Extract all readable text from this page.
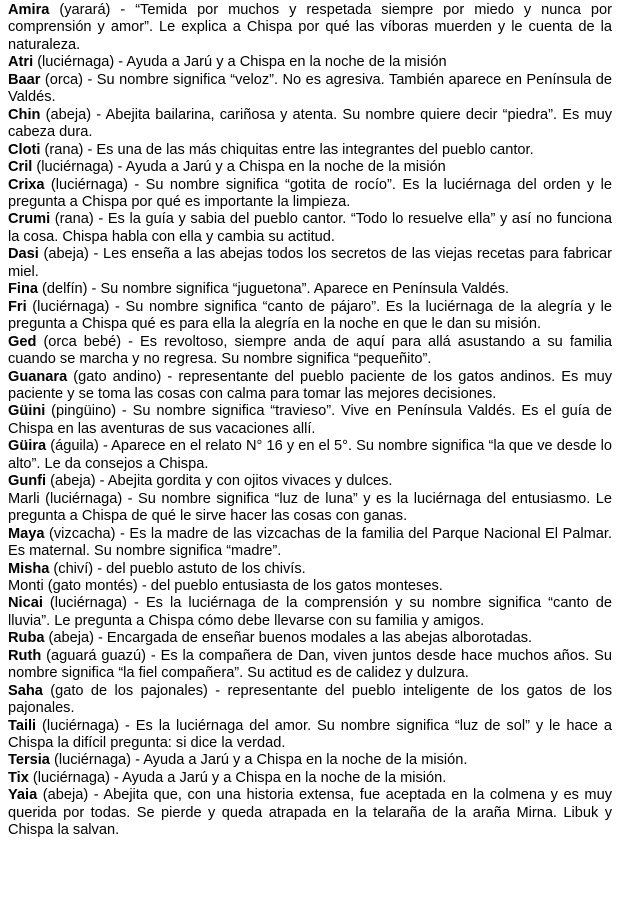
Amira (yarará) - “Temida por muchos y respetada siempre por miedo y nunca por comprensión y amor”. Le explica a Chispa por qué las víboras muerden y le cuenta de la naturaleza.

Atri (luciérnaga) - Ayuda a Jarú y a Chispa en la noche de la misión

Baar (orca) - Su nombre significa “veloz”. No es agresiva. También aparece en Península de Valdés.

Chin (abeja) - Abejita bailarina, cariñosa y atenta. Su nombre quiere decir “piedra”. Es muy cabeza dura.

Cloti (rana) - Es una de las más chiquitas entre las integrantes del pueblo cantor.

Cril (luciérnaga) - Ayuda a Jarú y a Chispa en la noche de la misión

Crixa (luciérnaga) - Su nombre significa “gotita de rocío”. Es la luciérnaga del orden y le pregunta a Chispa por qué es importante la limpieza.

Crumi (rana) - Es la guía y sabia del pueblo cantor. “Todo lo resuelve ella” y así no funciona la cosa. Chispa habla con ella y cambia su actitud.

Dasi (abeja) - Les enseña a las abejas todos los secretos de las viejas recetas para fabricar miel.

Fina (delfín) - Su nombre significa “juguetona”. Aparece en Península Valdés.

Fri (luciérnaga) - Su nombre significa “canto de pájaro”. Es la luciérnaga de la alegría y le pregunta a Chispa qué es para ella la alegría en la noche en que le dan su misión.

Ged (orca bebé) - Es revoltoso, siempre anda de aquí para allá asustando a su familia cuando se marcha y no regresa. Su nombre significa “pequeñito”.

Guanara (gato andino) - representante del pueblo paciente de los gatos andinos. Es muy paciente y se toma las cosas con calma para tomar las mejores decisiones.

Güini (pingüino) - Su nombre significa “travieso”. Vive en Península Valdés. Es el guía de Chispa en las aventuras de sus vacaciones allí.

Güira (águila) - Aparece en el relato N° 16 y en el 5°. Su nombre significa “la que ve desde lo alto”. Le da consejos a Chispa.

Gunfi (abeja) - Abejita gordita y con ojitos vivaces y dulces.

Marli (luciérnaga) - Su nombre significa “luz de luna” y es la luciérnaga del entusiasmo. Le pregunta a Chispa de qué le sirve hacer las cosas con ganas.

Maya (vizcacha) - Es la madre de las vizcachas de la familia del Parque Nacional El Palmar. Es maternal. Su nombre significa “madre”.

Misha (chiví) - del pueblo astuto de los chivís.

Monti (gato montés) - del pueblo entusiasta de los gatos monteses.

Nicai (luciérnaga) - Es la luciérnaga de la comprensión y su nombre significa “canto de lluvia”. Le pregunta a Chispa cómo debe llevarse con su familia y amigos.

Ruba (abeja) - Encargada de enseñar buenos modales a las abejas alborotadas.

Ruth (aguará guazú) - Es la compañera de Dan, viven juntos desde hace muchos años. Su nombre significa “la fiel compañera”. Su actitud es de calidez y dulzura.

Saha (gato de los pajonales) - representante del pueblo inteligente de los gatos de los pajonales.

Taili (luciérnaga) - Es la luciérnaga del amor. Su nombre significa “luz de sol” y le hace a Chispa la difícil pregunta: si dice la verdad.

Tersia (luciérnaga) - Ayuda a Jarú y a Chispa en la noche de la misión.

Tix (luciérnaga) - Ayuda a Jarú y a Chispa en la noche de la misión.

Yaia (abeja) - Abejita que, con una historia extensa, fue aceptada en la colmena y es muy querida por todas. Se pierde y queda atrapada en la telaraña de la araña Mirna. Libuk y Chispa la salvan.
